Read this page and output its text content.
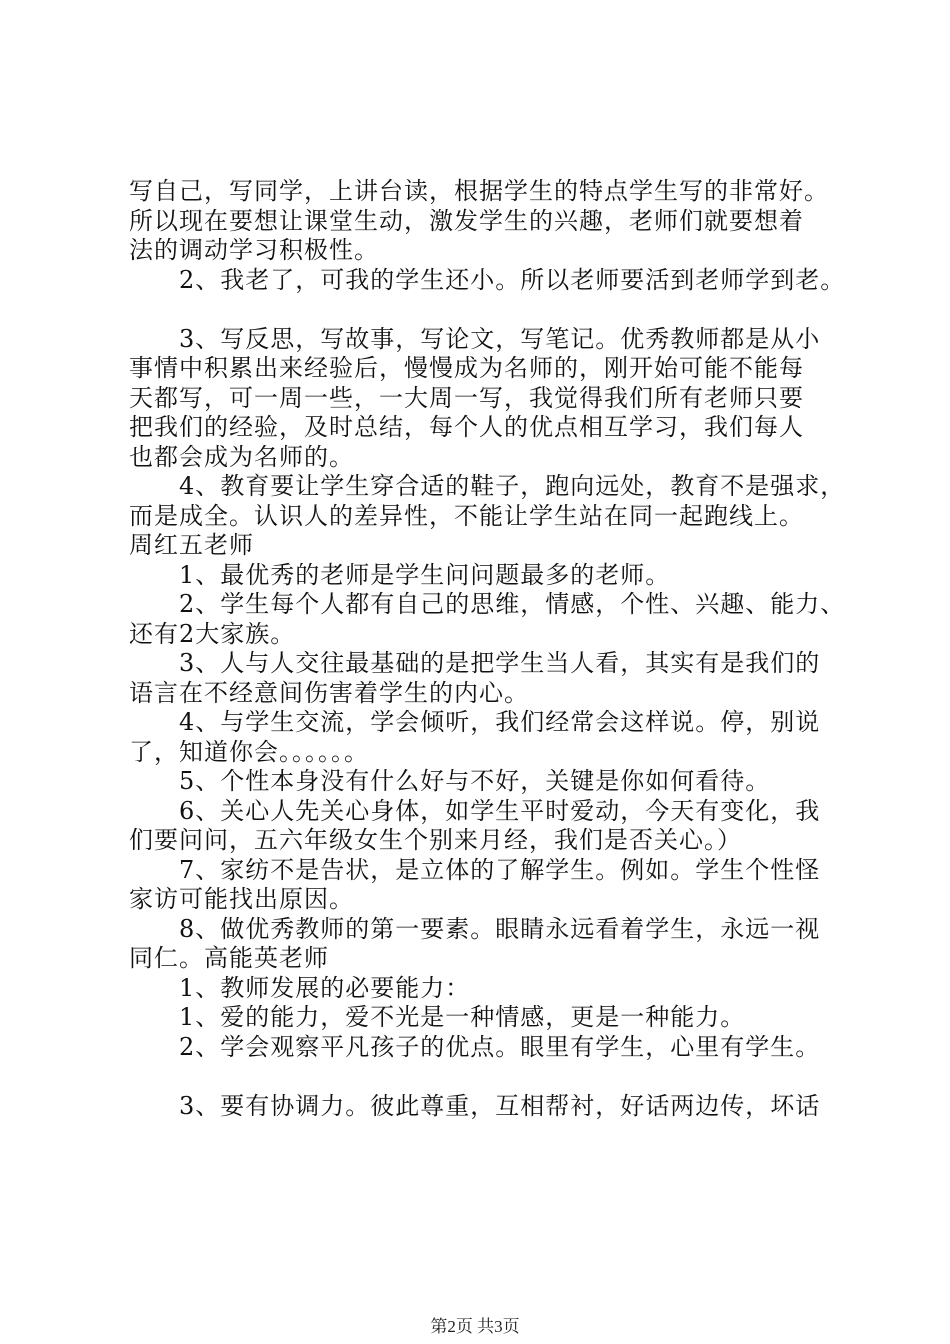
写自己，写同学，上讲台读，根据学生的特点学生写的非常好。
所以现在要想让课堂生动，激发学生的兴趣，老师们就要想着
法的调动学习积极性。
2、我老了，可我的学生还小。所以老师要活到老师学到老。
3、写反思，写故事，写论文，写笔记。优秀教师都是从小
事情中积累出来经验后，慢慢成为名师的，刚开始可能不能每
天都写，可一周一些，一大周一写，我觉得我们所有老师只要
把我们的经验，及时总结，每个人的优点相互学习，我们每人
也都会成为名师的。
4、教育要让学生穿合适的鞋子，跑向远处，教育不是强求，
而是成全。认识人的差异性，不能让学生站在同一起跑线上。
周红五老师
1、最优秀的老师是学生问问题最多的老师。
2、学生每个人都有自己的思维，情感，个性、兴趣、能力、
还有2大家族。
3、人与人交往最基础的是把学生当人看，其实有是我们的
语言在不经意间伤害着学生的内心。
4、与学生交流，学会倾听，我们经常会这样说。停，别说
了，知道你会。。。。。。
5、个性本身没有什么好与不好，关键是你如何看待。
6、关心人先关心身体，如学生平时爱动，今天有变化，我
们要问问，五六年级女生个别来月经，我们是否关心。）
7、家纺不是告状，是立体的了解学生。例如。学生个性怪
家访可能找出原因。
8、做优秀教师的第一要素。眼睛永远看着学生，永远一视
同仁。高能英老师
1、教师发展的必要能力：
1、爱的能力，爱不光是一种情感，更是一种能力。
2、学会观察平凡孩子的优点。眼里有学生，心里有学生。
3、要有协调力。彼此尊重，互相帮衬，好话两边传，坏话
第2页 共3页
